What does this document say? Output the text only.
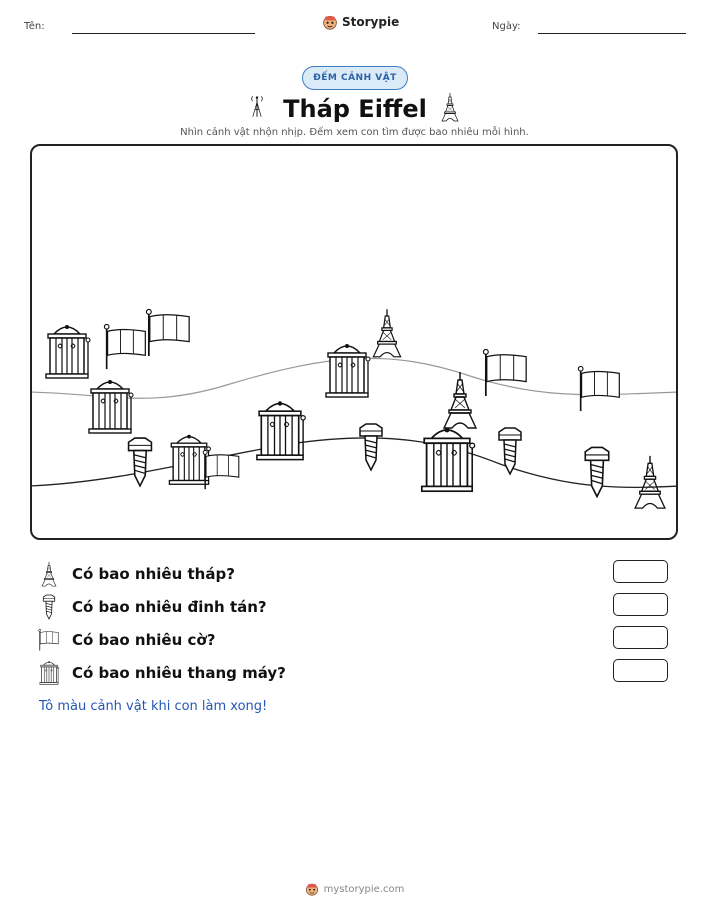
Tên:	Storypie	Ngày:
ĐẾM CẢNH VẬT
Tháp Eiffel
Nhìn cảnh vật nhộn nhịp. Đếm xem con tìm được bao nhiêu mỗi hình.
Có bao nhiêu tháp?
Có bao nhiêu đinh tán?
Có bao nhiêu cờ?
Có bao nhiêu thang máy?
Tô màu cảnh vật khi con làm xong!
mystorypie.com
